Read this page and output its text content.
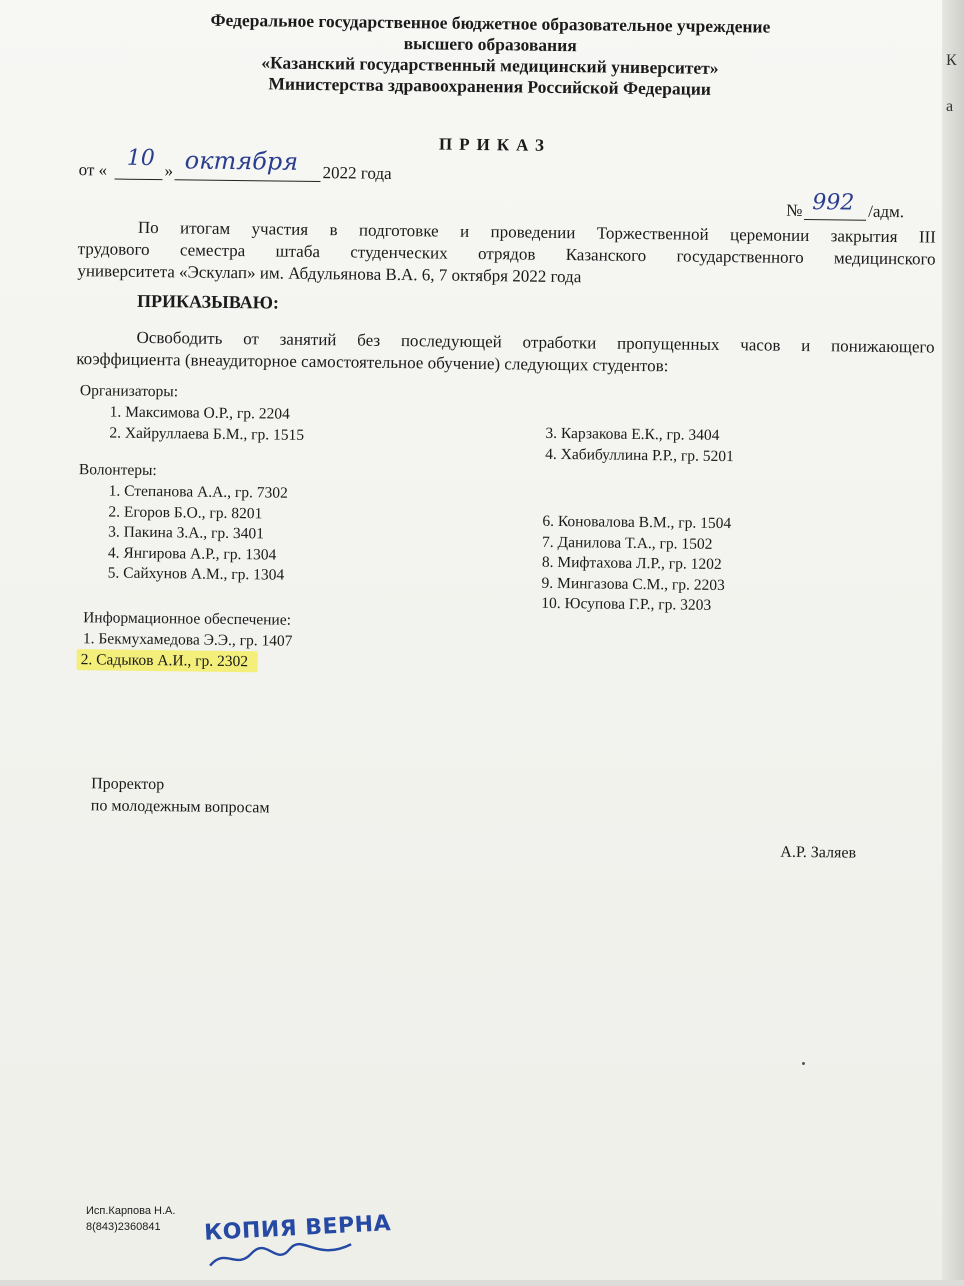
К
а
Федеральное государственное бюджетное образовательное учреждение
высшего образования
«Казанский государственный медицинский университет»
Министерства здравоохранения Российской Федерации
ПРИКАЗ
от « 10 » октября 2022 года
№ 992 /адм.
По итогам участия в подготовке и проведении Торжественной церемонии закрытия III
трудового семестра штаба студенческих отрядов Казанского государственного медицинского
университета «Эскулап» им. Абдульянова В.А. 6, 7 октября 2022 года
ПРИКАЗЫВАЮ:
Освободить от занятий без последующей отработки пропущенных часов и понижающего
коэффициента (внеаудиторное самостоятельное обучение) следующих студентов:
Организаторы:
1. Максимова О.Р., гр. 2204
2. Хайруллаева Б.М., гр. 1515	3. Карзакова Е.К., гр. 3404
4. Хабибуллина Р.Р., гр. 5201
Волонтеры:
1. Степанова А.А., гр. 7302
2. Егоров Б.О., гр. 8201
3. Пакина З.А., гр. 3401
4. Янгирова А.Р., гр. 1304
5. Сайхунов А.М., гр. 1304
6. Коновалова В.М., гр. 1504
7. Данилова Т.А., гр. 1502
8. Мифтахова Л.Р., гр. 1202
9. Мингазова С.М., гр. 2203
10. Юсупова Г.Р., гр. 3203
Информационное обеспечение:
1. Бекмухамедова Э.Э., гр. 1407
2. Садыков А.И., гр. 2302
Проректор
по молодежным вопросам
А.Р. Заляев
Исп.Карпова Н.А.
8(843)2360841 КОПИЯ ВЕРНА
